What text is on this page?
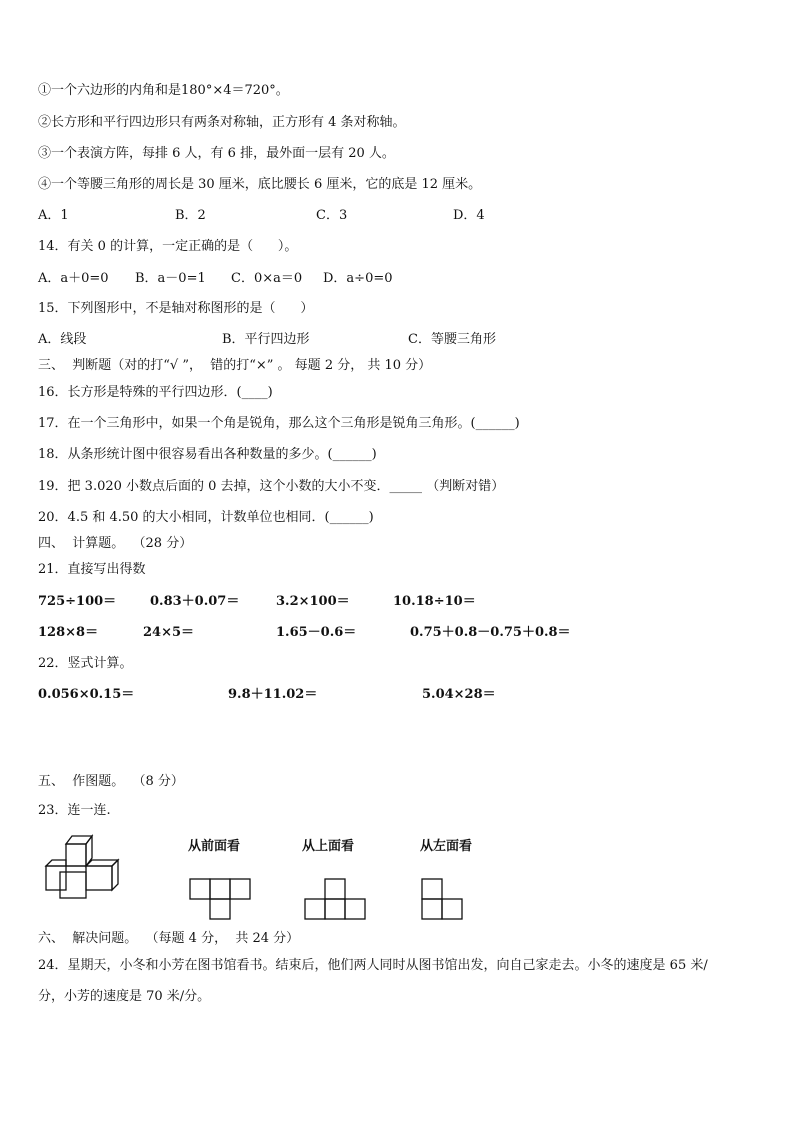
①一个六边形的内角和是180°×4＝720°。
②长方形和平行四边形只有两条对称轴，正方形有 4 条对称轴。
③一个表演方阵，每排 6 人，有 6 排，最外面一层有 20 人。
④一个等腰三角形的周长是 30 厘米，底比腰长 6 厘米，它的底是 12 厘米。
A．1	B．2	C．3	D．4
14．有关 0 的计算，一定正确的是（      ）。
A．a＋0=0 B．a－0=1 C．0×a＝0 D．a÷0=0
15．下列图形中，不是轴对称图形的是（      ）
A．线段	B．平行四边形	C．等腰三角形
三、  判断题（对的打“√ ”，  错的打“×” 。 每题 2 分， 共 10 分）
16．长方形是特殊的平行四边形．(____)
17．在一个三角形中，如果一个角是锐角，那么这个三角形是锐角三角形。(______)
18．从条形统计图中很容易看出各种数量的多少。(______)
19．把 3.020 小数点后面的 0 去掉，这个小数的大小不变．_____ （判断对错）
20．4.5 和 4.50 的大小相同，计数单位也相同．(______)
四、  计算题。  （28 分）
21．直接写出得数
725÷100＝	0.83＋0.07＝	3.2×100＝	10.18÷10＝
128×8＝	24×5＝	1.65－0.6＝	0.75＋0.8－0.75＋0.8＝
22．竖式计算。
0.056×0.15＝	9.8＋11.02＝	5.04×28＝
五、  作图题。  （8 分）
23．连一连.
从前面看	从上面看	从左面看
六、  解决问题。  （每题 4 分，  共 24 分）
24．星期天，小冬和小芳在图书馆看书。结束后，他们两人同时从图书馆出发，向自己家走去。小冬的速度是 65 米/
分，小芳的速度是 70 米/分。
